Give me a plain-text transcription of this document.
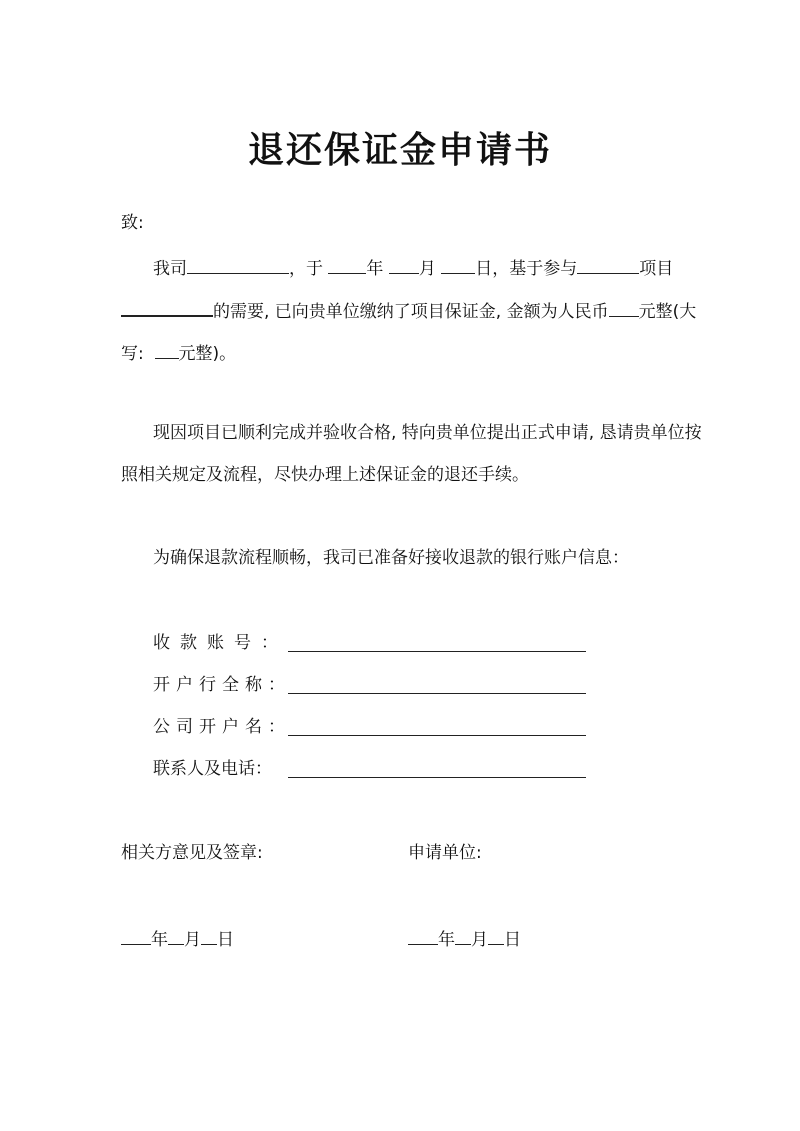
退还保证金申请书
致:
我司	，于	年 月 日，基于参与	项目
的需要, 已向贵单位缴纳了项目保证金, 金额为人民币 元整(大
写: 元整)。
现因项目已顺利完成并验收合格, 特向贵单位提出正式申请, 恳请贵单位按
照相关规定及流程，尽快办理上述保证金的退还手续。
为确保退款流程顺畅，我司已准备好接收退款的银行账户信息：
收款账号：
开户行全称：
公司开户名：
联系人及电话：
相关方意见及签章:	申请单位:
年 月 日	年 月 日
